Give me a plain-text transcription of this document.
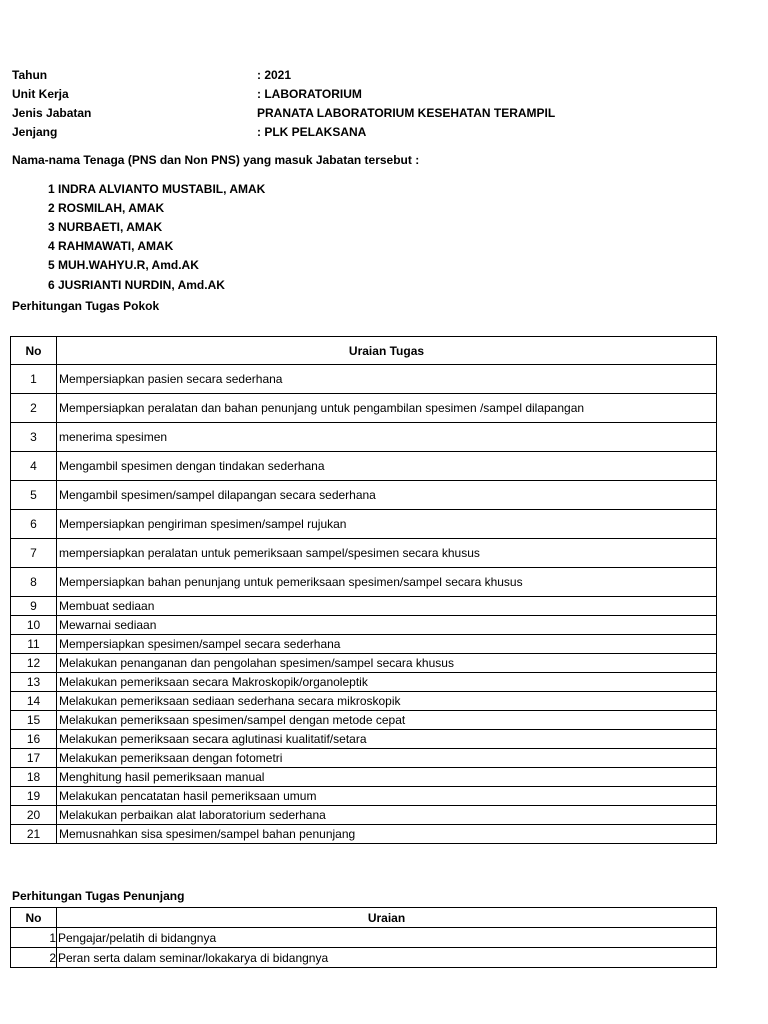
Tahun	: 2021
Unit Kerja	: LABORATORIUM
Jenis Jabatan	PRANATA LABORATORIUM KESEHATAN TERAMPIL
Jenjang	: PLK PELAKSANA
Nama-nama Tenaga (PNS dan Non PNS) yang masuk Jabatan tersebut :
1 INDRA ALVIANTO MUSTABIL, AMAK
2 ROSMILAH, AMAK
3 NURBAETI, AMAK
4 RAHMAWATI, AMAK
5 MUH.WAHYU.R, Amd.AK
6 JUSRIANTI NURDIN, Amd.AK
Perhitungan Tugas Pokok
No	Uraian Tugas
1	Mempersiapkan pasien secara sederhana
2	Mempersiapkan peralatan dan bahan penunjang untuk pengambilan spesimen /sampel dilapangan
3	menerima spesimen
4	Mengambil spesimen dengan tindakan sederhana
5	Mengambil spesimen/sampel dilapangan secara sederhana
6	Mempersiapkan pengiriman spesimen/sampel rujukan
7	mempersiapkan peralatan untuk pemeriksaan sampel/spesimen secara khusus
8	Mempersiapkan bahan penunjang untuk pemeriksaan spesimen/sampel secara khusus
9	Membuat sediaan
10	Mewarnai sediaan
11	Mempersiapkan spesimen/sampel secara sederhana
12	Melakukan penanganan dan pengolahan spesimen/sampel secara khusus
13	Melakukan pemeriksaan secara Makroskopik/organoleptik
14	Melakukan pemeriksaan sediaan sederhana secara mikroskopik
15	Melakukan pemeriksaan spesimen/sampel dengan metode cepat
16	Melakukan pemeriksaan secara aglutinasi kualitatif/setara
17	Melakukan pemeriksaan dengan fotometri
18	Menghitung hasil pemeriksaan manual
19	Melakukan pencatatan hasil pemeriksaan umum
20	Melakukan perbaikan alat laboratorium sederhana
21	Memusnahkan sisa spesimen/sampel bahan penunjang
Perhitungan Tugas Penunjang
No	Uraian
1	Pengajar/pelatih di bidangnya
2	Peran serta dalam seminar/lokakarya di bidangnya
